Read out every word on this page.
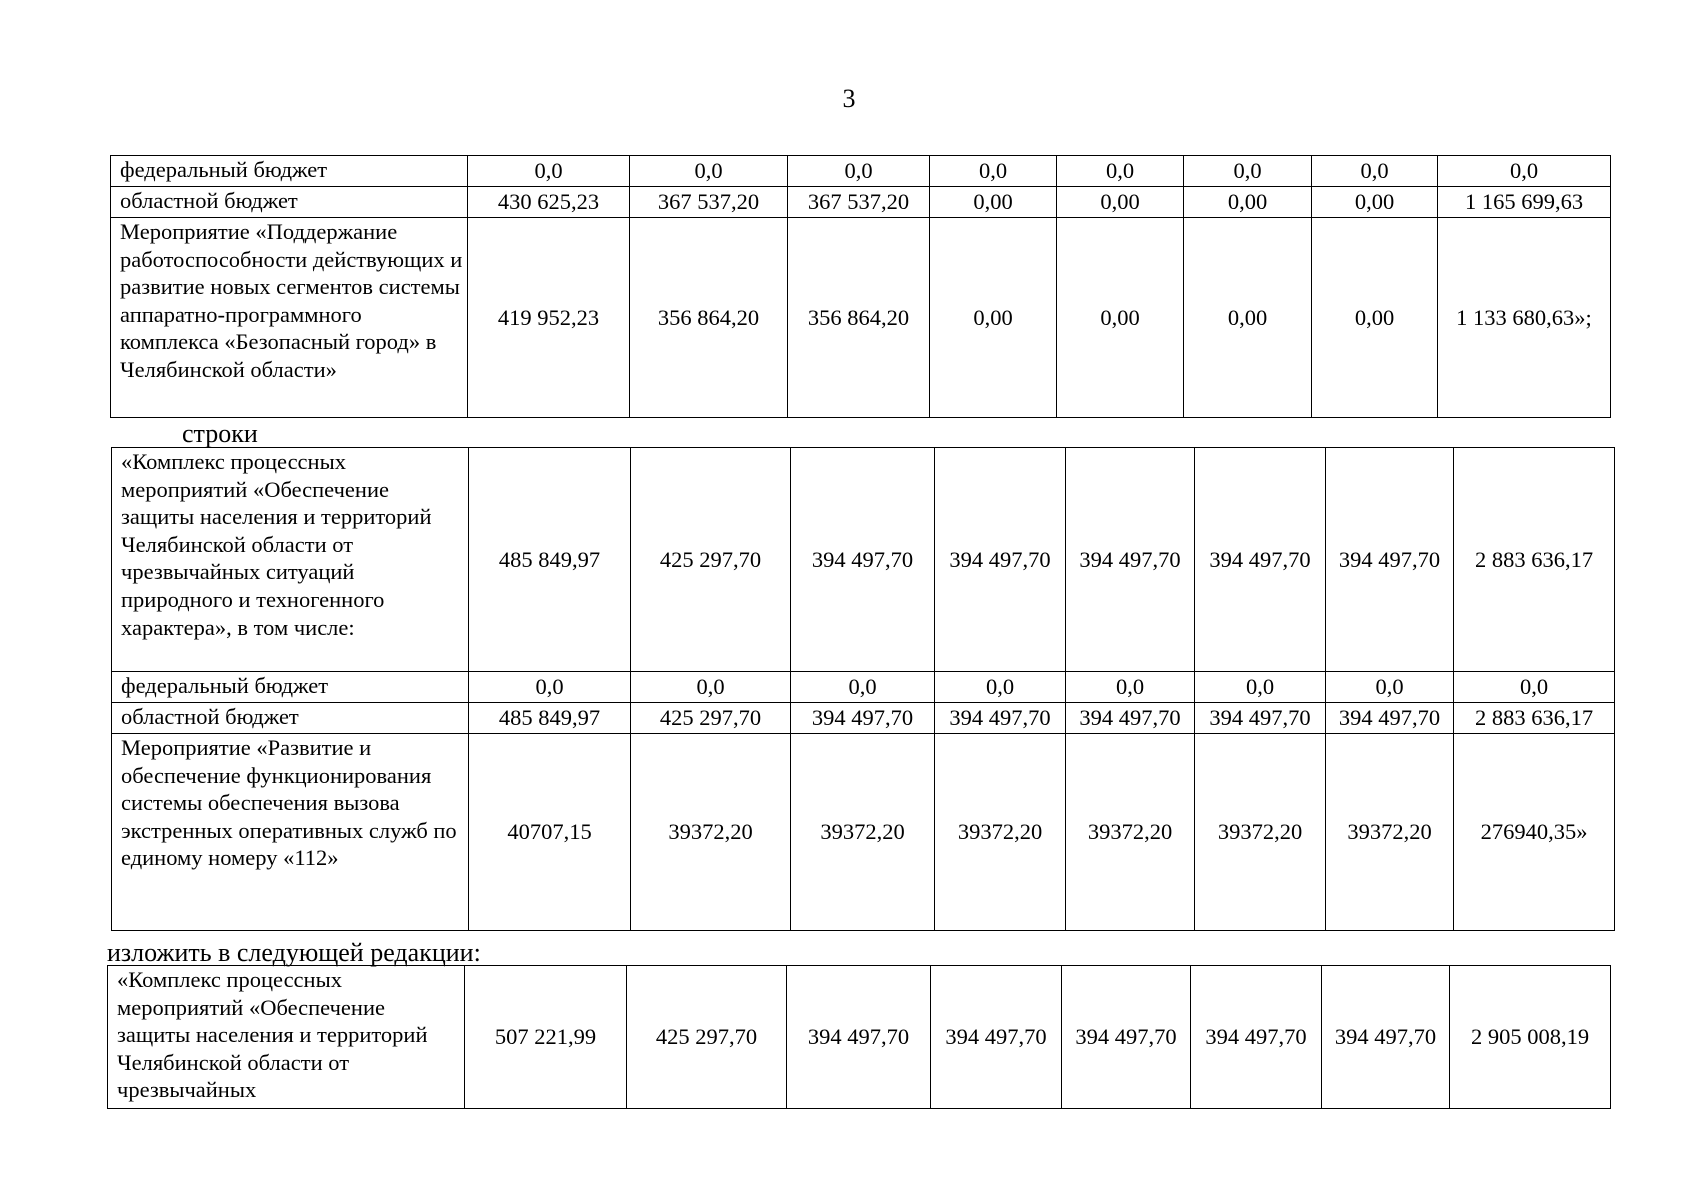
3
федеральный бюджет	0,0	0,0	0,0	0,0	0,0	0,0	0,0	0,0
областной бюджет	430 625,23	367 537,20	367 537,20	0,00	0,00	0,00	0,00	1 165 699,63
Мероприятие «Поддержание работоспособности действующих и развитие новых сегментов системы аппаратно-программного комплекса «Безопасный город» в Челябинской области»	419 952,23	356 864,20	356 864,20	0,00	0,00	0,00	0,00	1 133 680,63»;
строки
«Комплекс процессных мероприятий «Обеспечение защиты населения и территорий Челябинской области от чрезвычайных ситуаций природного и техногенного характера», в том числе:	485 849,97	425 297,70	394 497,70	394 497,70	394 497,70	394 497,70	394 497,70	2 883 636,17
федеральный бюджет	0,0	0,0	0,0	0,0	0,0	0,0	0,0	0,0
областной бюджет	485 849,97	425 297,70	394 497,70	394 497,70	394 497,70	394 497,70	394 497,70	2 883 636,17
Мероприятие «Развитие и обеспечение функционирования системы обеспечения вызова экстренных оперативных служб по единому номеру «112»	40707,15	39372,20	39372,20	39372,20	39372,20	39372,20	39372,20	276940,35»
изложить в следующей редакции:
«Комплекс процессных мероприятий «Обеспечение защиты населения и территорий Челябинской области от чрезвычайных	507 221,99	425 297,70	394 497,70	394 497,70	394 497,70	394 497,70	394 497,70	2 905 008,19
